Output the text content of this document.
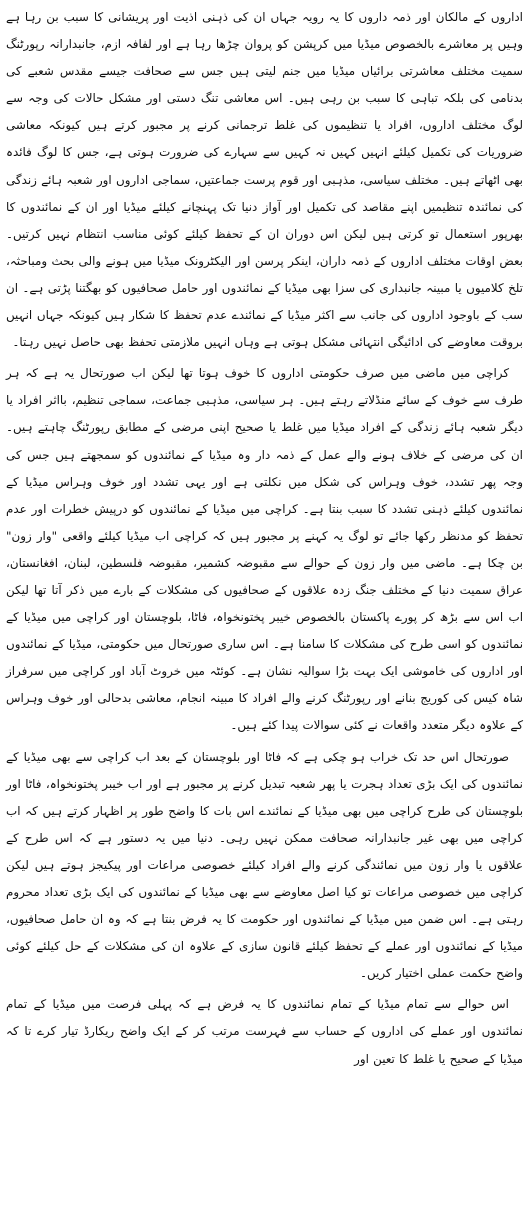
اداروں کے مالکان اور ذمہ داروں کا یہ رویہ جہاں ان کی ذہنی اذیت اور پریشانی کا سبب بن رہا ہے وہیں پر معاشرے بالخصوص میڈیا میں کرپشن کو پروان چڑھا رہا ہے اور لفافہ ازم، جانبدارانہ رپورٹنگ سمیت مختلف معاشرتی برائیاں میڈیا میں جنم لیتی ہیں جس سے صحافت جیسے مقدس شعبے کی بدنامی کی بلکہ تباہی کا سبب بن رہی ہیں۔ اس معاشی تنگ دستی اور مشکل حالات کی وجہ سے لوگ مختلف اداروں، افراد یا تنظیموں کی غلط ترجمانی کرنے پر مجبور کرتے ہیں کیونکہ معاشی ضروریات کی تکمیل کیلئے انہیں کہیں نہ کہیں سے سہارے کی ضرورت ہوتی ہے، جس کا لوگ فائدہ بھی اٹھاتے ہیں۔ مختلف سیاسی، مذہبی اور قوم پرست جماعتیں، سماجی اداروں اور شعبہ ہائے زندگی کی نمائندہ تنظیمیں اپنے مقاصد کی تکمیل اور آواز دنیا تک پہنچانے کیلئے میڈیا اور ان کے نمائندوں کا بھرپور استعمال تو کرتی ہیں لیکن اس دوران ان کے تحفظ کیلئے کوئی مناسب انتظام نہیں کرتیں۔ بعض اوقات مختلف اداروں کے ذمہ داران، اینکر پرسن اور الیکٹرونک میڈیا میں ہونے والی بحث ومباحثہ، تلخ کلامیوں یا مبینہ جانبداری کی سزا بھی میڈیا کے نمائندوں اور حامل صحافیوں کو بھگتنا پڑتی ہے۔ ان سب کے باوجود اداروں کی جانب سے اکثر میڈیا کے نمائندے عدم تحفظ کا شکار ہیں کیونکہ جہاں انہیں بروقت معاوضے کی ادائیگی انتہائی مشکل ہوتی ہے وہاں انہیں ملازمتی تحفظ بھی حاصل نہیں رہتا۔

کراچی میں ماضی میں صرف حکومتی اداروں کا خوف ہوتا تھا لیکن اب صورتحال یہ ہے کہ ہر طرف سے خوف کے سائے منڈلاتے رہتے ہیں۔ ہر سیاسی، مذہبی جماعت، سماجی تنظیم، بااثر افراد یا دیگر شعبہ ہائے زندگی کے افراد میڈیا میں غلط یا صحیح اپنی مرضی کے مطابق رپورٹنگ چاہتے ہیں۔ ان کی مرضی کے خلاف ہونے والے عمل کے ذمہ دار وہ میڈیا کے نمائندوں کو سمجھتے ہیں جس کی وجہ پھر تشدد، خوف وہراس کی شکل میں نکلتی ہے اور یہی تشدد اور خوف وہراس میڈیا کے نمائندوں کیلئے ذہنی تشدد کا سبب بنتا ہے۔ کراچی میں میڈیا کے نمائندوں کو درپیش خطرات اور عدم تحفظ کو مدنظر رکھا جائے تو لوگ یہ کہنے پر مجبور ہیں کہ کراچی اب میڈیا کیلئے واقعی "وار زون" بن چکا ہے۔ ماضی میں وار زون کے حوالے سے مقبوضہ کشمیر، مقبوضہ فلسطین، لبنان، افغانستان، عراق سمیت دنیا کے مختلف جنگ زدہ علاقوں کے صحافیوں کی مشکلات کے بارے میں ذکر آتا تھا لیکن اب اس سے بڑھ کر پورے پاکستان بالخصوص خیبر پختونخواہ، فاٹا، بلوچستان اور کراچی میں میڈیا کے نمائندوں کو اسی طرح کی مشکلات کا سامنا ہے۔ اس ساری صورتحال میں حکومتی، میڈیا کے نمائندوں اور اداروں کی خاموشی ایک بہت بڑا سوالیہ نشان ہے۔ کوئٹہ میں خروٹ آباد اور کراچی میں سرفراز شاہ کیس کی کوریج بنانے اور رپورٹنگ کرنے والے افراد کا مبینہ انجام، معاشی بدحالی اور خوف وہراس کے علاوہ دیگر متعدد واقعات نے کئی سوالات پیدا کئے ہیں۔

صورتحال اس حد تک خراب ہو چکی ہے کہ فاٹا اور بلوچستان کے بعد اب کراچی سے بھی میڈیا کے نمائندوں کی ایک بڑی تعداد ہجرت یا پھر شعبہ تبدیل کرنے پر مجبور ہے اور اب خیبر پختونخواہ، فاٹا اور بلوچستان کی طرح کراچی میں بھی میڈیا کے نمائندے اس بات کا واضح طور پر اظہار کرتے ہیں کہ اب کراچی میں بھی غیر جانبدارانہ صحافت ممکن نہیں رہی۔ دنیا میں یہ دستور ہے کہ اس طرح کے علاقوں یا وار زون میں نمائندگی کرنے والے افراد کیلئے خصوصی مراعات اور پیکیجز ہوتے ہیں لیکن کراچی میں خصوصی مراعات تو کیا اصل معاوضے سے بھی میڈیا کے نمائندوں کی ایک بڑی تعداد محروم رہتی ہے۔ اس ضمن میں میڈیا کے نمائندوں اور حکومت کا یہ فرض بنتا ہے کہ وہ ان حامل صحافیوں، میڈیا کے نمائندوں اور عملے کے تحفظ کیلئے قانون سازی کے علاوہ ان کی مشکلات کے حل کیلئے کوئی واضح حکمت عملی اختیار کریں۔

اس حوالے سے تمام میڈیا کے تمام نمائندوں کا یہ فرض ہے کہ پہلی فرصت میں میڈیا کے تمام نمائندوں اور عملے کی اداروں کے حساب سے فہرست مرتب کر کے ایک واضح ریکارڈ تیار کرے تا کہ میڈیا کے صحیح یا غلط کا تعین اور
